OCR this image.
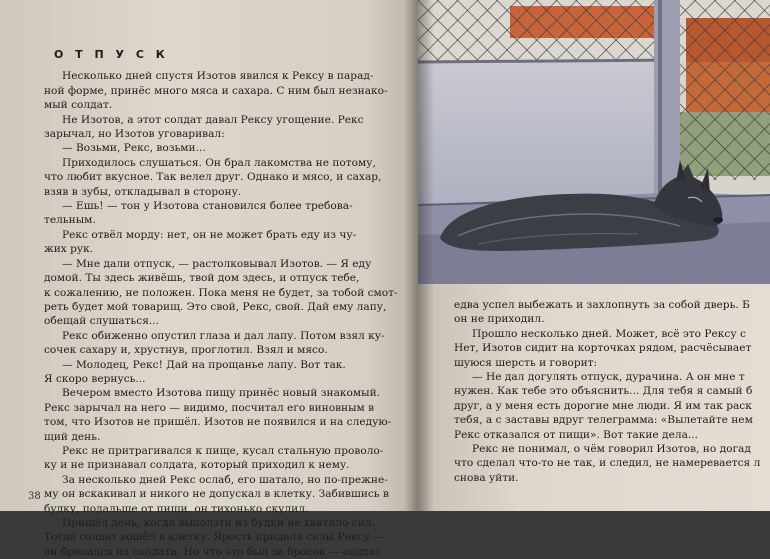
О Т П У С К

Несколько дней спустя Изотов явился к Рексу в парад-

ной форме, принёс много мяса и сахара. С ним был незнако-

мый солдат.

Не Изотов, а этот солдат давал Рексу угощение. Рекс

зарычал, но Изотов уговаривал:

— Возьми, Рекс, возьми...

Приходилось слушаться. Он брал лакомства не потому,

что любит вкусное. Так велел друг. Однако и мясо, и сахар,

взяв в зубы, откладывал в сторону.

— Ешь! — тон у Изотова становился более требова-

тельным.

Рекс отвёл морду: нет, он не может брать еду из чу-

жих рук.

— Мне дали отпуск, — растолковывал Изотов. — Я еду

домой. Ты здесь живёшь, твой дом здесь, и отпуск тебе,

к сожалению, не положен. Пока меня не будет, за тобой смот-

реть будет мой товарищ. Это свой, Рекс, свой. Дай ему лапу,

обещай слушаться...

Рекс обиженно опустил глаза и дал лапу. Потом взял ку-

сочек сахару и, хрустнув, проглотил. Взял и мясо.

— Молодец, Рекс! Дай на прощанье лапу. Вот так.

Я скоро вернусь...

Вечером вместо Изотова пищу принёс новый знакомый.

Рекс зарычал на него — видимо, посчитал его виновным в

том, что Изотов не пришёл. Изотов не появился и на следую-

щий день.

Рекс не притрагивался к пище, кусал стальную проволо-

ку и не признавал солдата, который приходил к нему.

За несколько дней Рекс ослаб, его шатало, но по-прежне-

му он вскакивал и никого не допускал в клетку. Забившись в

будку, подальше от пищи, он тихонько скулил.

Пришёл день, когда выползти из будки не хватило сил.

Тогда солдат вошёл в клетку. Ярость придала силы Рексу —

он бросился на солдата. Но что это был за бросок — солдат

38

едва успел выбежать и захлопнуть за собой дверь. Б

он не приходил.

Прошло несколько дней. Может, всё это Рексу с

Нет, Изотов сидит на корточках рядом, расчёсывает

шуюся шерсть и говорит:

— Не дал догулять отпуск, дурачина. А он мне т

нужен. Как тебе это объяснить... Для тебя я самый б

друг, а у меня есть дорогие мне люди. Я им так раск

тебя, а с заставы вдруг телеграмма: «Вылетайте нем

Рекс отказался от пищи». Вот такие дела...

Рекс не понимал, о чём говорил Изотов, но догад

что сделал что-то не так, и следил, не намеревается л

снова уйти.
